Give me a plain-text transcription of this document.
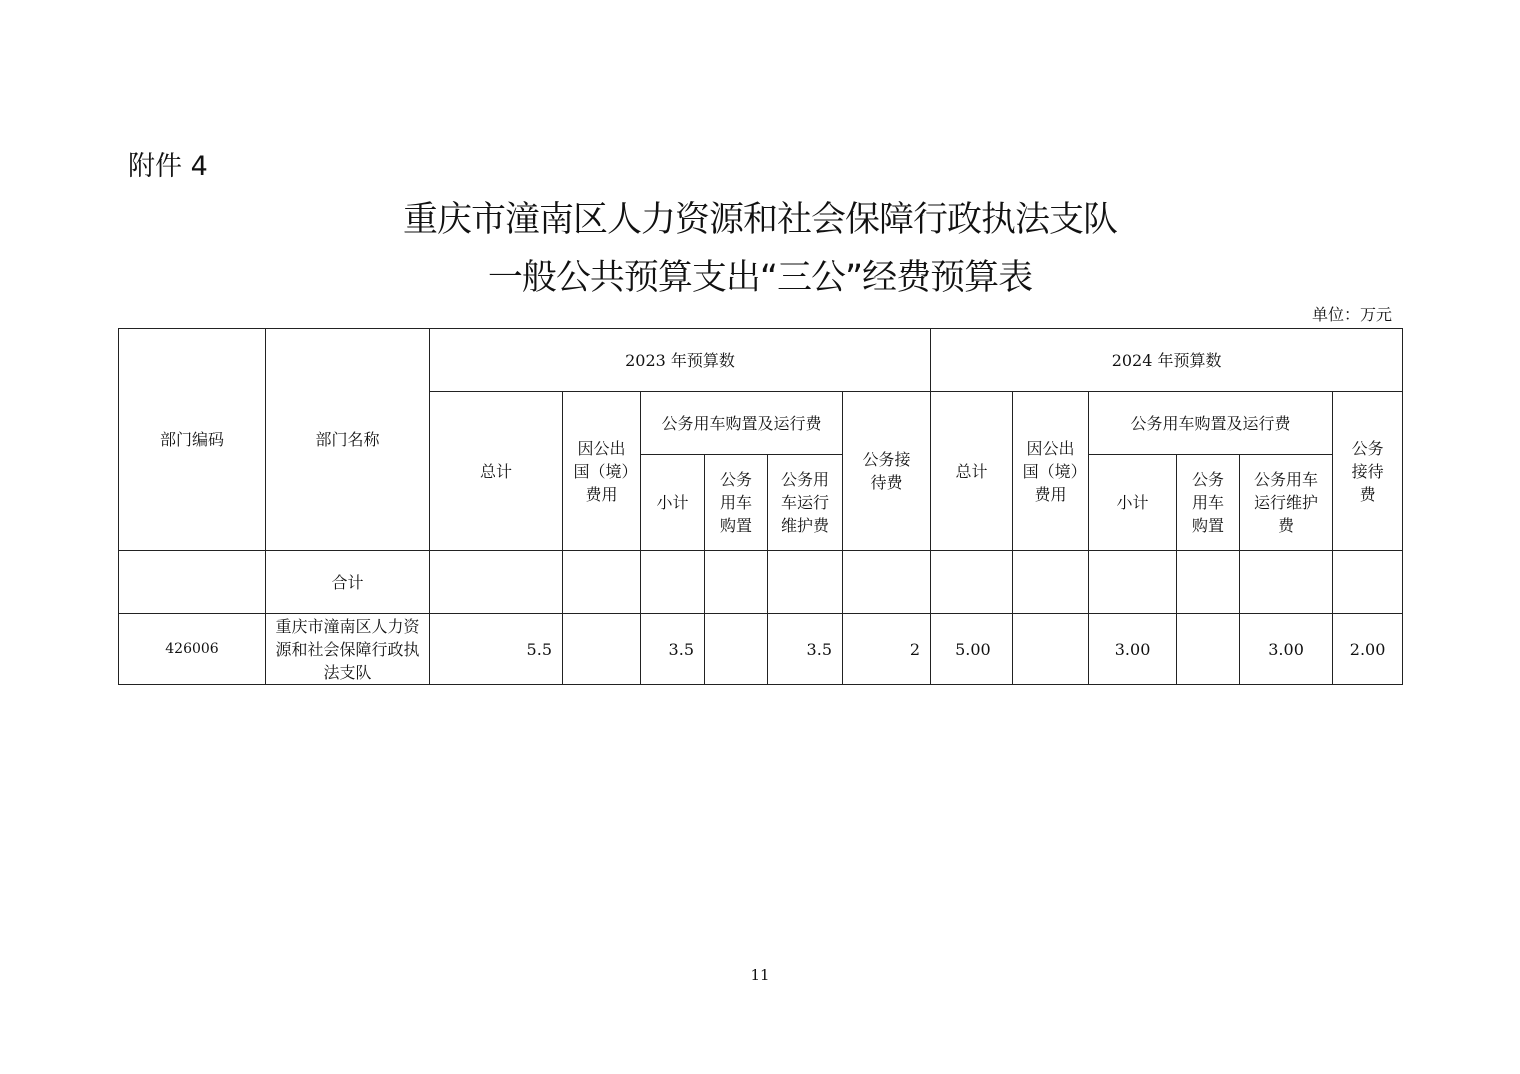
附件 4
重庆市潼南区人力资源和社会保障行政执法支队
一般公共预算支出“三公”经费预算表
单位：万元
部门编码	部门名称	2023 年预算数						2024 年预算数					
		总计	因公出国（境）费用	公务用车购置及运行费			公务接待费	总计	因公出国（境）费用	公务用车购置及运行费			公务接待费

				小计	公务用车购置	公务用车运行维护费				小计	公务用车购置	公务用车运行维护费	

	合计												
426006	重庆市潼南区人力资源和社会保障行政执法支队	5.5		3.5		3.5	2	5.00		3.00		3.00	2.00
11
